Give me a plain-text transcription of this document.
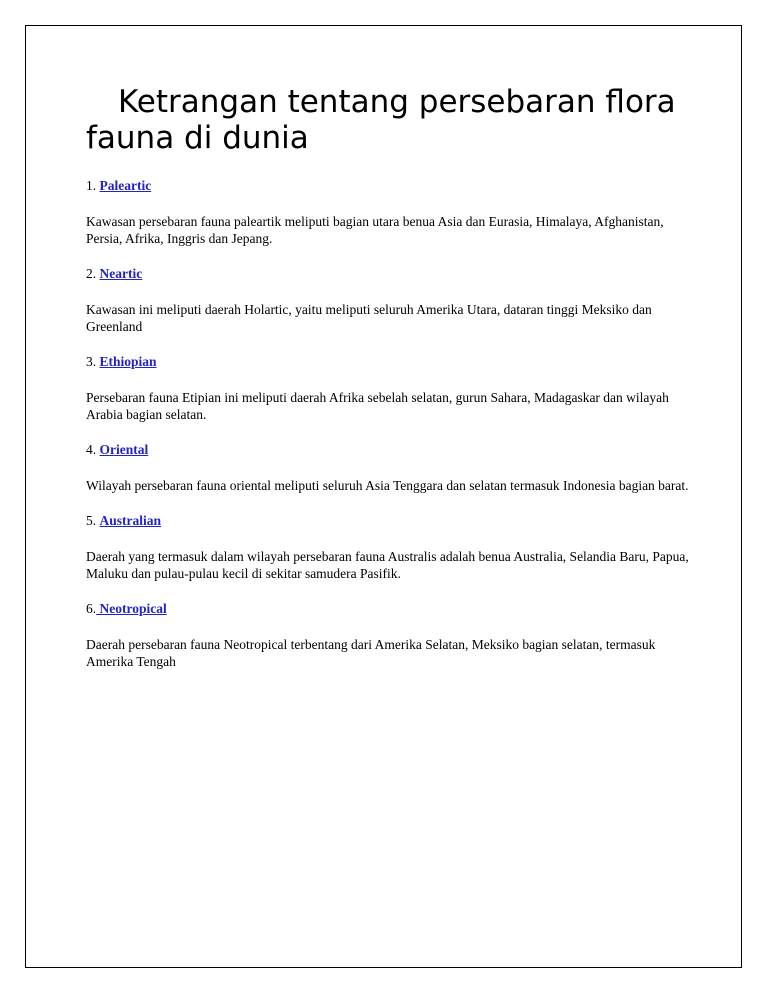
Ketrangan tentang persebaran flora fauna di dunia

1. Paleartic

Kawasan persebaran fauna paleartik meliputi bagian utara benua Asia dan Eurasia, Himalaya, Afghanistan, Persia, Afrika, Inggris dan Jepang.

2. Neartic

Kawasan ini meliputi daerah Holartic, yaitu meliputi seluruh Amerika Utara, dataran tinggi Meksiko dan Greenland

3. Ethiopian

Persebaran fauna Etipian ini meliputi daerah Afrika sebelah selatan, gurun Sahara, Madagaskar dan wilayah Arabia bagian selatan.

4. Oriental

Wilayah persebaran fauna oriental meliputi seluruh Asia Tenggara dan selatan termasuk Indonesia bagian barat.

5. Australian

Daerah yang termasuk dalam wilayah persebaran fauna Australis adalah benua Australia, Selandia Baru, Papua, Maluku dan pulau-pulau kecil di sekitar samudera Pasifik.

6. Neotropical

Daerah persebaran fauna Neotropical terbentang dari Amerika Selatan, Meksiko bagian selatan, termasuk Amerika Tengah
